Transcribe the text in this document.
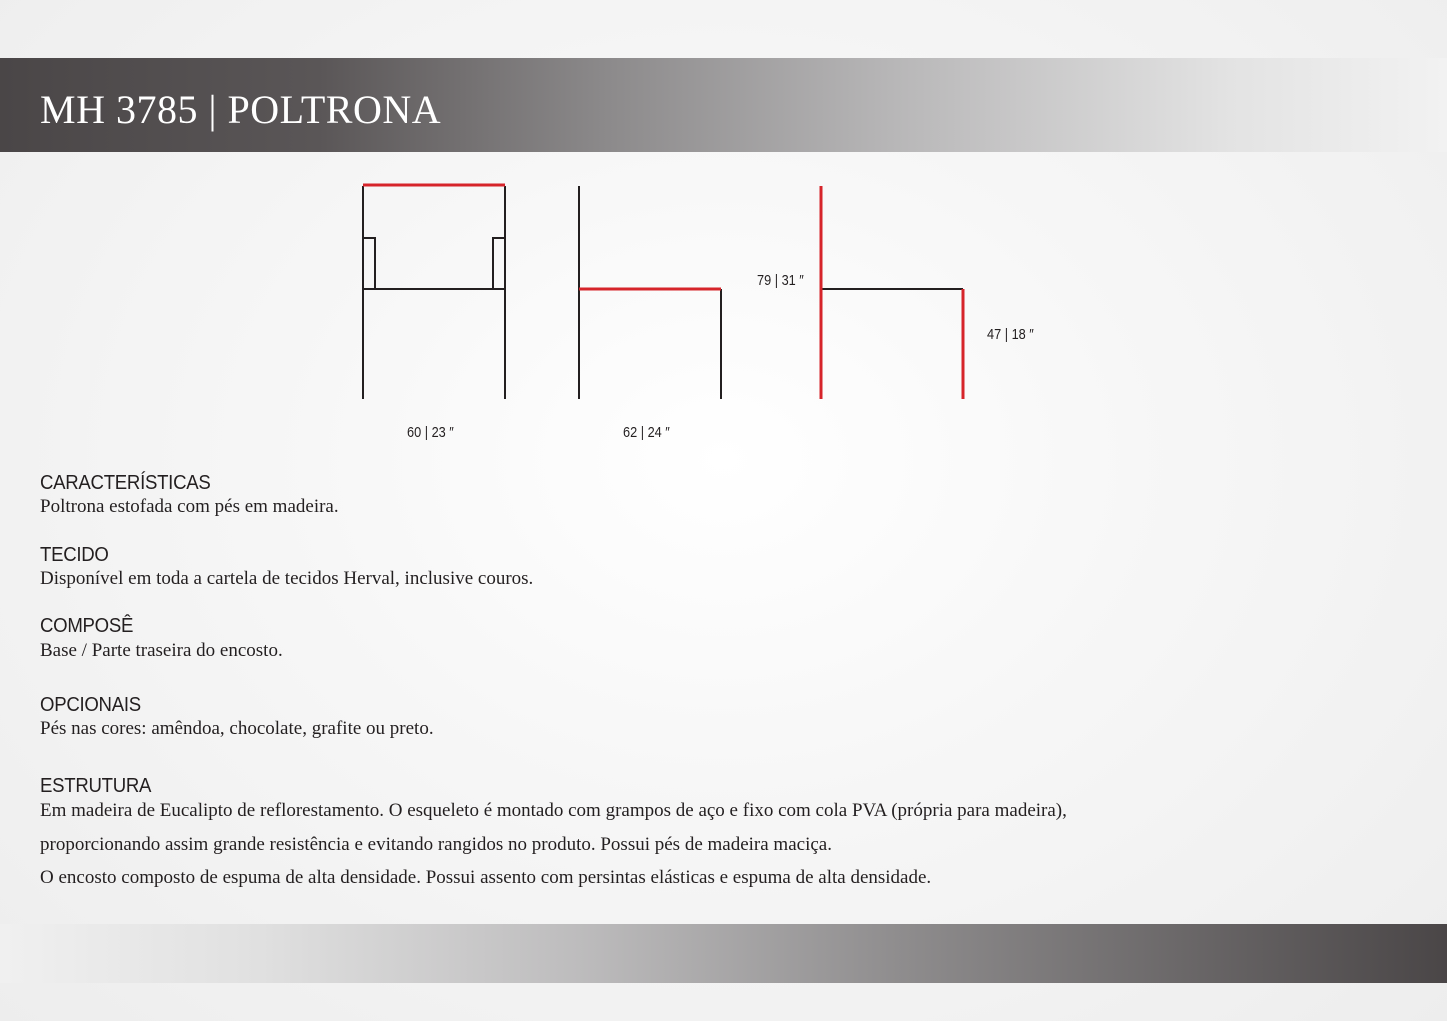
MH 3785 | POLTRONA
60 | 23 ″	62 | 24 ″
79 | 31 ″
47 | 18 ″
CARACTERÍSTICAS
Poltrona estofada com pés em madeira.
TECIDO
Disponível em toda a cartela de tecidos Herval, inclusive couros.
COMPOSÊ
Base / Parte traseira do encosto.
OPCIONAIS
Pés nas cores: amêndoa, chocolate, grafite ou preto.
ESTRUTURA
Em madeira de Eucalipto de reflorestamento. O esqueleto é montado com grampos de aço e fixo com cola PVA (própria para madeira),
proporcionando assim grande resistência e evitando rangidos no produto. Possui pés de madeira maciça.
O encosto composto de espuma de alta densidade. Possui assento com persintas elásticas e espuma de alta densidade.
